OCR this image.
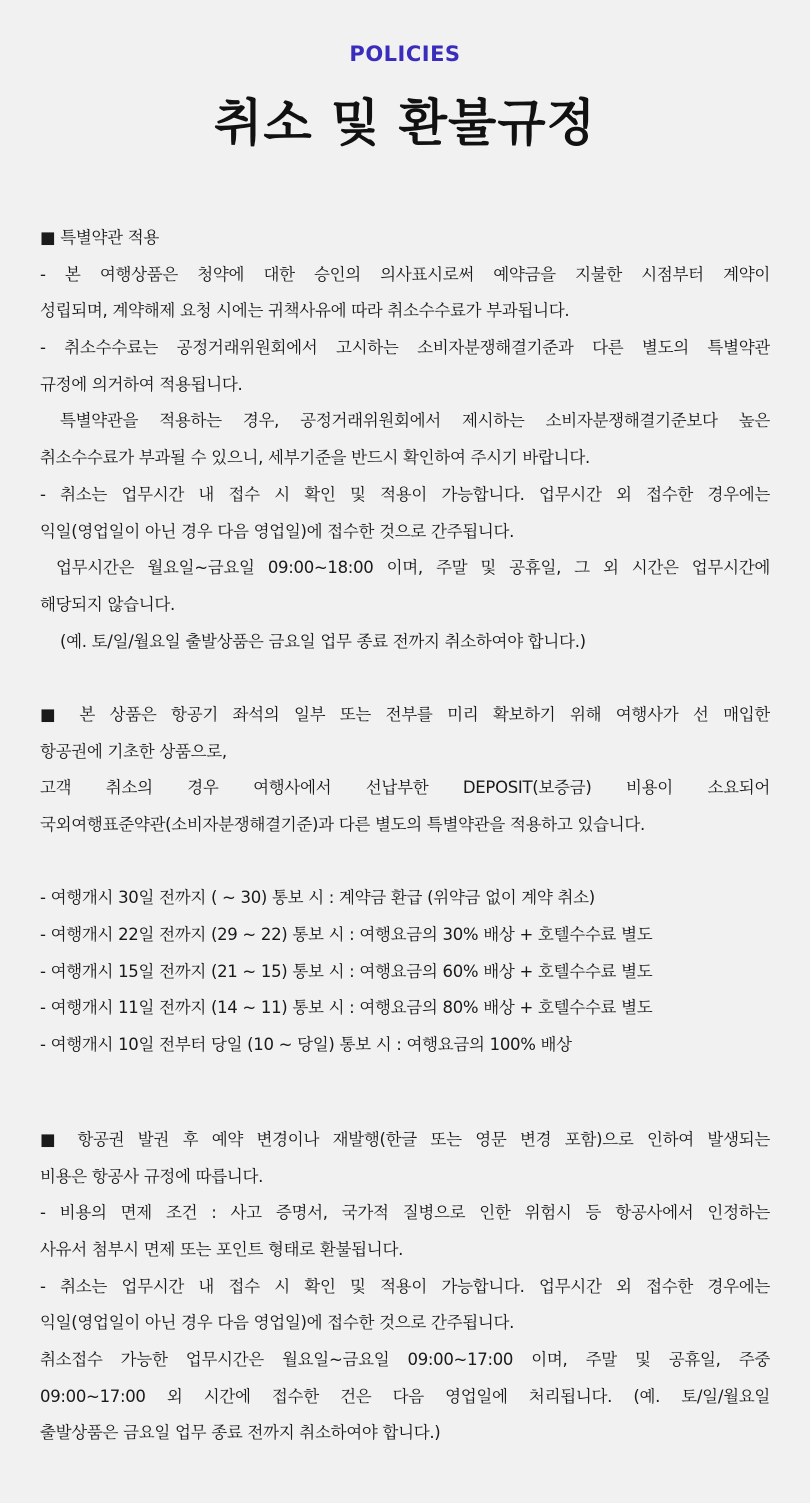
POLICIES
취소 및 환불규정
■ 특별약관 적용
- 본 여행상품은 청약에 대한 승인의 의사표시로써 예약금을 지불한 시점부터 계약이
성립되며, 계약해제 요청 시에는 귀책사유에 따라 취소수수료가 부과됩니다.
- 취소수수료는 공정거래위원회에서 고시하는 소비자분쟁해결기준과 다른 별도의 특별약관
규정에 의거하여 적용됩니다.
특별약관을 적용하는 경우, 공정거래위원회에서 제시하는 소비자분쟁해결기준보다 높은
취소수수료가 부과될 수 있으니, 세부기준을 반드시 확인하여 주시기 바랍니다.
- 취소는 업무시간 내 접수 시 확인 및 적용이 가능합니다. 업무시간 외 접수한 경우에는
익일(영업일이 아닌 경우 다음 영업일)에 접수한 것으로 간주됩니다.
업무시간은 월요일~금요일 09:00~18:00 이며, 주말 및 공휴일, 그 외 시간은 업무시간에
해당되지 않습니다.
(예. 토/일/월요일 출발상품은 금요일 업무 종료 전까지 취소하여야 합니다.)
■ 본 상품은 항공기 좌석의 일부 또는 전부를 미리 확보하기 위해 여행사가 선 매입한
항공권에 기초한 상품으로,
고객 취소의 경우 여행사에서 선납부한 DEPOSIT(보증금) 비용이 소요되어
국외여행표준약관(소비자분쟁해결기준)과 다른 별도의 특별약관을 적용하고 있습니다.
- 여행개시 30일 전까지 ( ~ 30) 통보 시 : 계약금 환급 (위약금 없이 계약 취소)
- 여행개시 22일 전까지 (29 ~ 22) 통보 시 : 여행요금의 30% 배상 + 호텔수수료 별도
- 여행개시 15일 전까지 (21 ~ 15) 통보 시 : 여행요금의 60% 배상 + 호텔수수료 별도
- 여행개시 11일 전까지 (14 ~ 11) 통보 시 : 여행요금의 80% 배상 + 호텔수수료 별도
- 여행개시 10일 전부터 당일 (10 ~ 당일) 통보 시 : 여행요금의 100% 배상
■ 항공권 발권 후 예약 변경이나 재발행(한글 또는 영문 변경 포함)으로 인하여 발생되는
비용은 항공사 규정에 따릅니다.
- 비용의 면제 조건 : 사고 증명서, 국가적 질병으로 인한 위험시 등 항공사에서 인정하는
사유서 첨부시 면제 또는 포인트 형태로 환불됩니다.
- 취소는 업무시간 내 접수 시 확인 및 적용이 가능합니다. 업무시간 외 접수한 경우에는
익일(영업일이 아닌 경우 다음 영업일)에 접수한 것으로 간주됩니다.
취소접수 가능한 업무시간은 월요일~금요일 09:00~17:00 이며, 주말 및 공휴일, 주중
09:00~17:00 외 시간에 접수한 건은 다음 영업일에 처리됩니다. (예. 토/일/월요일
출발상품은 금요일 업무 종료 전까지 취소하여야 합니다.)
